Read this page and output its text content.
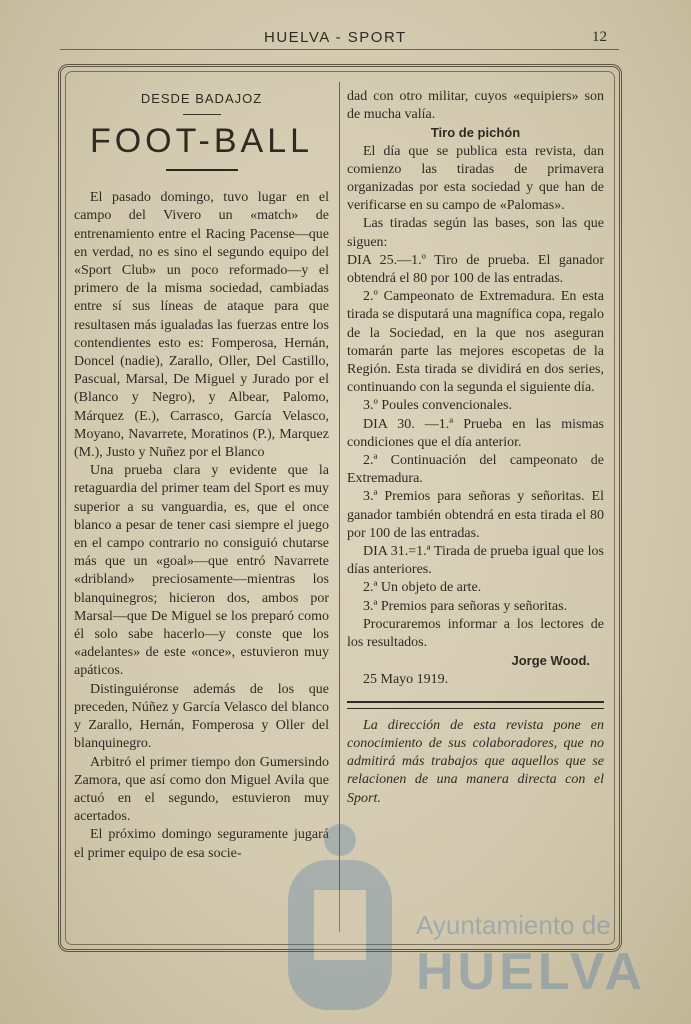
HUELVA - SPORT	12
DESDE BADAJOZ
FOOT-BALL

El pasado domingo, tuvo lugar en el campo del Vivero un «match» de entrenamiento entre el Racing Pacense—que en verdad, no es sino el segundo equipo del «Sport Club» un poco reformado—y el primero de la misma sociedad, cambiadas entre sí sus líneas de ataque para que resultasen más igualadas las fuerzas entre los contendientes esto es: Fomperosa, Hernán, Doncel (nadie), Zarallo, Oller, Del Castillo, Pascual, Marsal, De Miguel y Jurado por el (Blanco y Negro), y Albear, Palomo, Márquez (E.), Carrasco, García Velasco, Moyano, Navarrete, Moratinos (P.), Marquez (M.), Justo y Nuñez por el Blanco

Una prueba clara y evidente que la retaguardia del primer team del Sport es muy superior a su vanguardia, es, que el once blanco a pesar de tener casi siempre el juego en el campo contrario no consiguió chutarse más que un «goal»—que entró Navarrete «dribland» preciosamente—mientras los blanquinegros; hicieron dos, ambos por Marsal—que De Miguel se los preparó como él solo sabe hacerlo—y conste que los «adelantes» de este «once», estuvieron muy apáticos.

Distinguiéronse además de los que preceden, Núñez y García Velasco del blanco y Zarallo, Hernán, Fomperosa y Oller del blanquinegro.

Arbitró el primer tiempo don Gumersindo Zamora, que así como don Miguel Avila que actuó en el segundo, estuvieron muy acertados.

El próximo domingo seguramente jugará el primer equipo de esa socie-

dad con otro militar, cuyos «equipiers» son de mucha valía.

Tiro de pichón

El día que se publica esta revista, dan comienzo las tiradas de primavera organizadas por esta sociedad y que han de verificarse en su campo de «Palomas».

Las tiradas según las bases, son las que siguen:

DIA 25.—1.º Tiro de prueba. El ganador obtendrá el 80 por 100 de las entradas.

2.º Campeonato de Extremadura. En esta tirada se disputará una magnífica copa, regalo de la Sociedad, en la que nos aseguran tomarán parte las mejores escopetas de la Región. Esta tirada se dividirá en dos series, continuando con la segunda el siguiente día.

3.º Poules convencionales.

DIA 30. —1.ª Prueba en las mismas condiciones que el día anterior.

2.ª Continuación del campeonato de Extremadura.

3.ª Premios para señoras y señoritas. El ganador también obtendrá en esta tirada el 80 por 100 de las entradas.

DIA 31.=1.ª Tirada de prueba igual que los días anteriores.

2.ª Un objeto de arte.

3.ª Premios para señoras y señoritas.

Procuraremos informar a los lectores de los resultados.

Jorge Wood.

25 Mayo 1919.

La dirección de esta revista pone en conocimiento de sus colaboradores, que no admitirá más trabajos que aquellos que se relacionen de una manera directa con el Sport.

Ayuntamiento de
HUELVA
